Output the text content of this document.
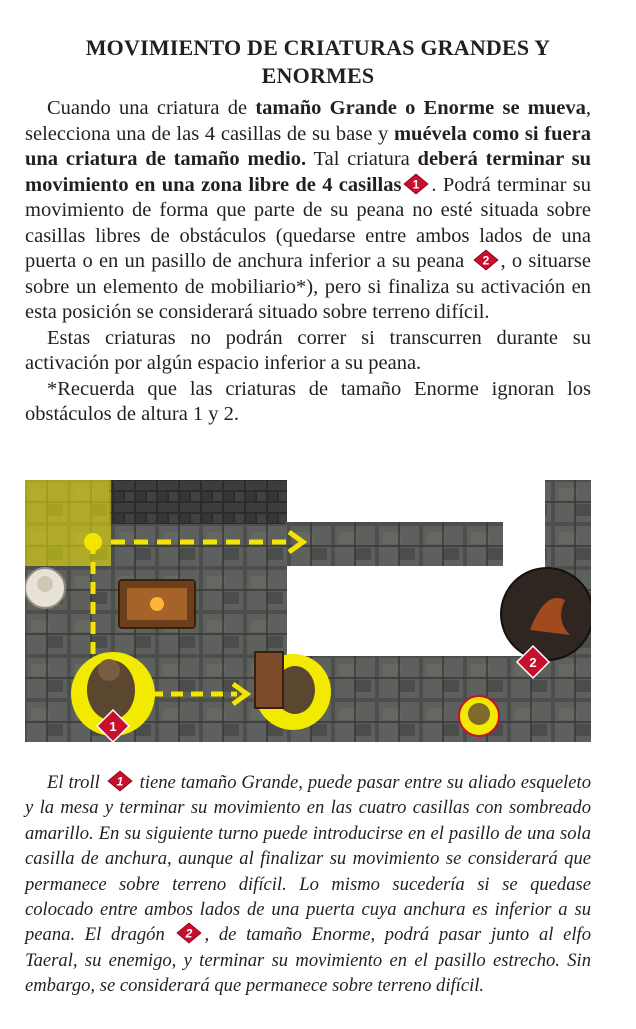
MOVIMIENTO DE CRIATURAS GRANDES Y
ENORMES

Cuando una criatura de tamaño Grande o Enorme se mueva, selecciona una de las 4 casillas de su base y muévela como si fuera una criatura de tamaño medio. Tal criatura deberá terminar su movimiento en una zona libre de 4 casillas 1 . Podrá terminar su movimiento de forma que parte de su peana no esté situada sobre casillas libres de obstáculos (quedarse entre ambos lados de una puerta o en un pasillo de anchura inferior a su peana 2 , o situarse sobre un elemento de mobiliario*), pero si finaliza su activación en esta posición se considerará situado sobre terreno difícil.

Estas criaturas no podrán correr si transcurren durante su activación por algún espacio inferior a su peana.

*Recuerda que las criaturas de tamaño Enorme ignoran los obstáculos de altura 1 y 2.

1
2

El troll 1 tiene tamaño Grande, puede pasar entre su aliado esqueleto y la mesa y terminar su movimiento en las cuatro casillas con sombreado amarillo. En su siguiente turno puede introducirse en el pasillo de una sola casilla de anchura, aunque al finalizar su movimiento se considerará que permanece sobre terreno difícil. Lo mismo sucedería si se quedase colocado entre ambos lados de una puerta cuya anchura es inferior a su peana. El dragón 2 , de tamaño Enorme, podrá pasar junto al elfo Taeral, su enemigo, y terminar su movimiento en el pasillo estrecho. Sin embargo, se considerará que permanece sobre terreno difícil.
